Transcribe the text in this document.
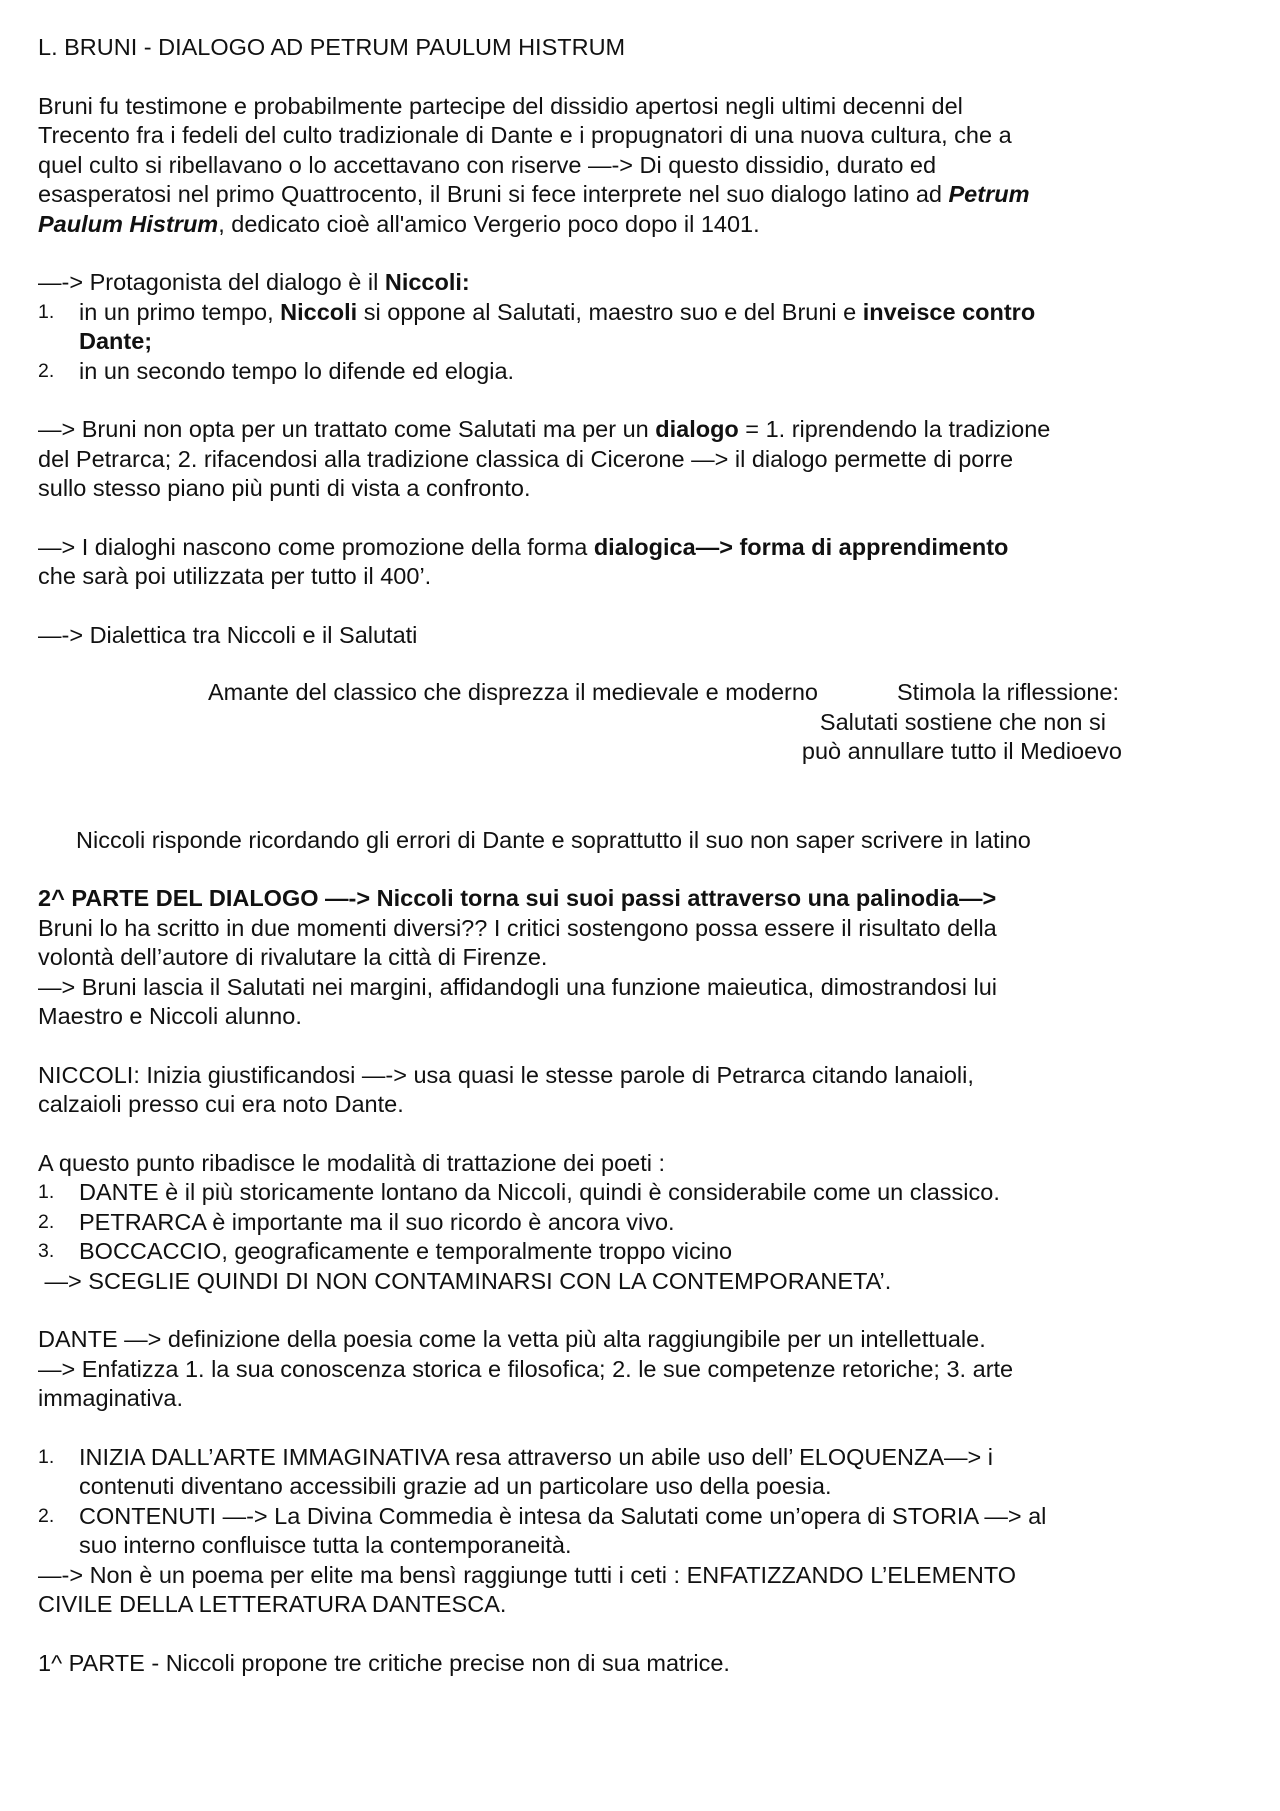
L. BRUNI - DIALOGO AD PETRUM PAULUM HISTRUM

Bruni fu testimone e probabilmente partecipe del dissidio apertosi negli ultimi decenni del

Trecento fra i fedeli del culto tradizionale di Dante e i propugnatori di una nuova cultura, che a

quel culto si ribellavano o lo accettavano con riserve —-> Di questo dissidio, durato ed

esasperatosi nel primo Quattrocento, il Bruni si fece interprete nel suo dialogo latino ad Petrum

Paulum Histrum, dedicato cioè all'amico Vergerio poco dopo il 1401.

—-> Protagonista del dialogo è il Niccoli:

1. in un primo tempo, Niccoli si oppone al Salutati, maestro suo e del Bruni e inveisce contro
Dante;
2. in un secondo tempo lo difende ed elogia.

—> Bruni non opta per un trattato come Salutati ma per un dialogo = 1. riprendendo la tradizione

del Petrarca; 2. rifacendosi alla tradizione classica di Cicerone —> il dialogo permette di porre

sullo stesso piano più punti di vista a confronto.

—> I dialoghi nascono come promozione della forma dialogica—> forma di apprendimento

che sarà poi utilizzata per tutto il 400’.

—-> Dialettica tra Niccoli e il Salutati

Amante del classico che disprezza il medievale e moderno	Stimola la riflessione:
Salutati sostiene che non si
può annullare tutto il Medioevo

Niccoli risponde ricordando gli errori di Dante e soprattutto il suo non saper scrivere in latino

2^ PARTE DEL DIALOGO —-> Niccoli torna sui suoi passi attraverso una palinodia—>

Bruni lo ha scritto in due momenti diversi?? I critici sostengono possa essere il risultato della

volontà dell’autore di rivalutare la città di Firenze.

—> Bruni lascia il Salutati nei margini, affidandogli una funzione maieutica, dimostrandosi lui

Maestro e Niccoli alunno.

NICCOLI: Inizia giustificandosi —-> usa quasi le stesse parole di Petrarca citando lanaioli,

calzaioli presso cui era noto Dante.

A questo punto ribadisce le modalità di trattazione dei poeti :

1. DANTE è il più storicamente lontano da Niccoli, quindi è considerabile come un classico.
2. PETRARCA è importante ma il suo ricordo è ancora vivo.
3. BOCCACCIO, geograficamente e temporalmente troppo vicino

—> SCEGLIE QUINDI DI NON CONTAMINARSI CON LA CONTEMPORANETA’.

DANTE —> definizione della poesia come la vetta più alta raggiungibile per un intellettuale.

—> Enfatizza 1. la sua conoscenza storica e filosofica; 2. le sue competenze retoriche; 3. arte

immaginativa.

1. INIZIA DALL’ARTE IMMAGINATIVA resa attraverso un abile uso dell’ ELOQUENZA—> i
contenuti diventano accessibili grazie ad un particolare uso della poesia.
2. CONTENUTI —-> La Divina Commedia è intesa da Salutati come un’opera di STORIA —> al
suo interno confluisce tutta la contemporaneità.

—-> Non è un poema per elite ma bensì raggiunge tutti i ceti : ENFATIZZANDO L’ELEMENTO

CIVILE DELLA LETTERATURA DANTESCA.

1^ PARTE - Niccoli propone tre critiche precise non di sua matrice.
